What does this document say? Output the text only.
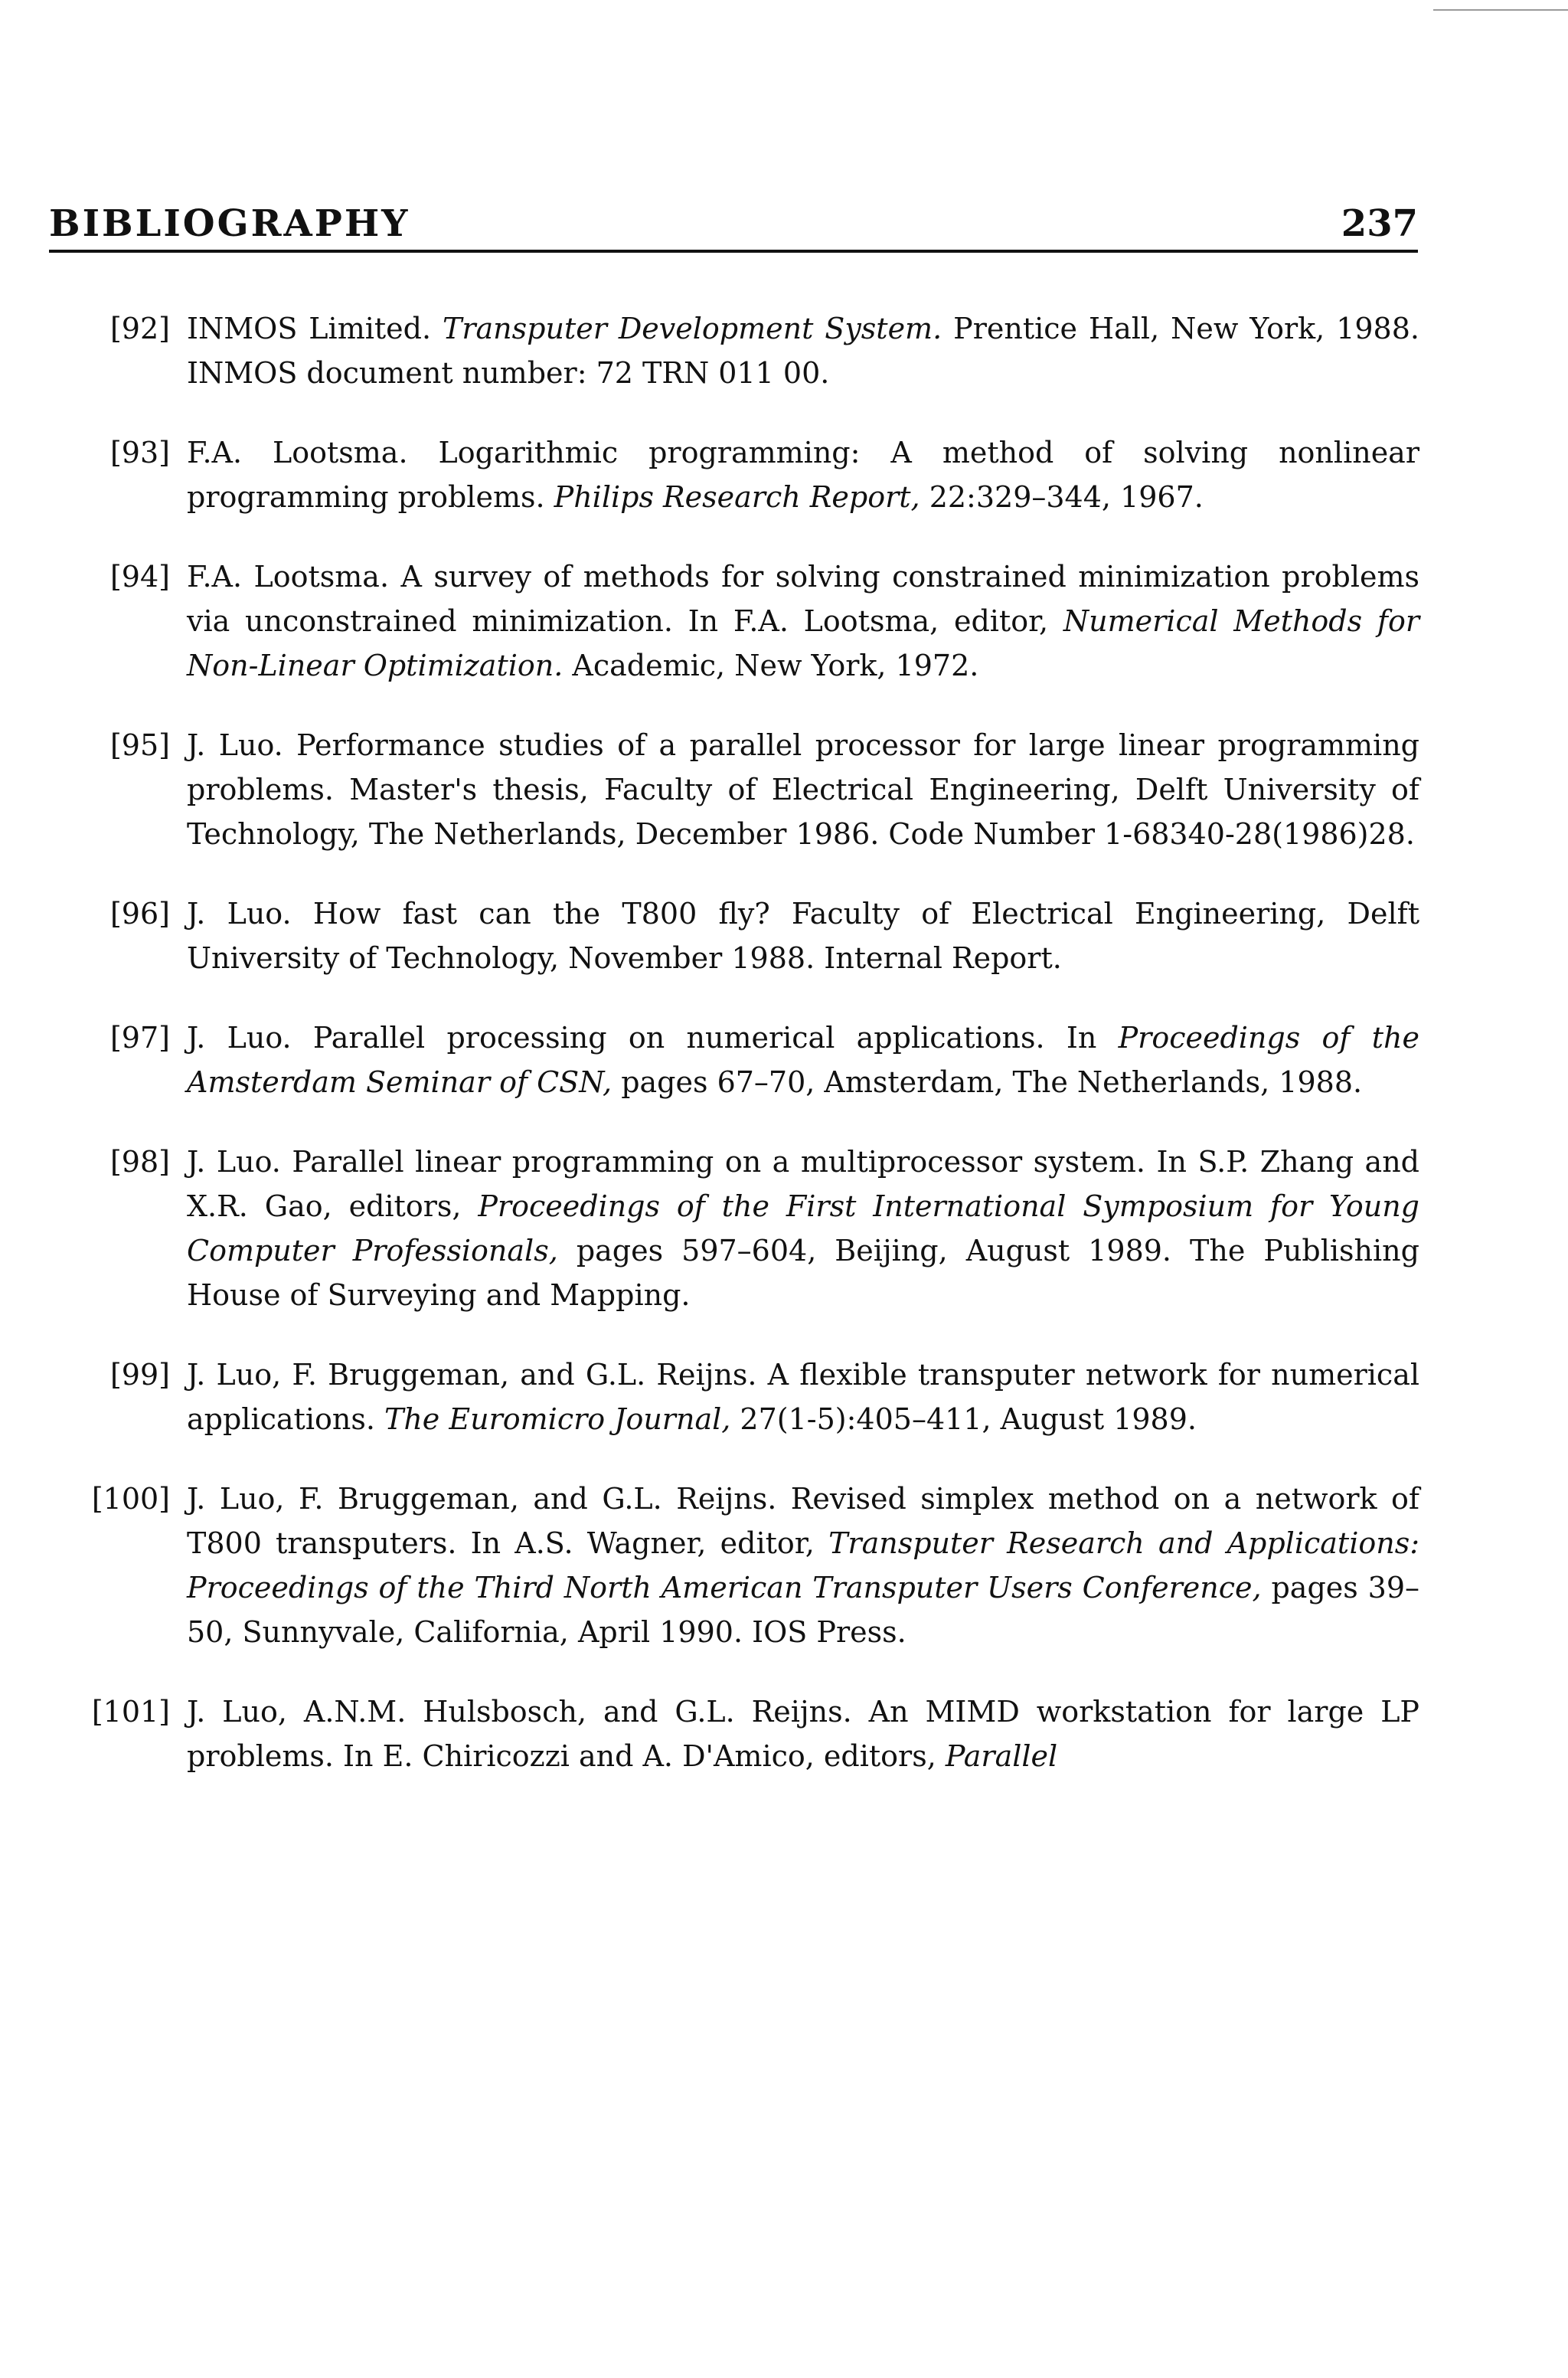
BIBLIOGRAPHY	237
[92] INMOS Limited. Transputer Development System. Prentice Hall, New York, 1988. INMOS document number: 72 TRN 011 00.
[93] F.A. Lootsma. Logarithmic programming: A method of solving nonlinear programming problems. Philips Research Report, 22:329–344, 1967.
[94] F.A. Lootsma. A survey of methods for solving constrained minimization problems via unconstrained minimization. In F.A. Lootsma, editor, Numerical Methods for Non-Linear Optimization. Academic, New York, 1972.
[95] J. Luo. Performance studies of a parallel processor for large linear programming problems. Master's thesis, Faculty of Electrical Engineering, Delft University of Technology, The Netherlands, December 1986. Code Number 1-68340-28(1986)28.
[96] J. Luo. How fast can the T800 fly? Faculty of Electrical Engineering, Delft University of Technology, November 1988. Internal Report.
[97] J. Luo. Parallel processing on numerical applications. In Proceedings of the Amsterdam Seminar of CSN, pages 67–70, Amsterdam, The Netherlands, 1988.
[98] J. Luo. Parallel linear programming on a multiprocessor system. In S.P. Zhang and X.R. Gao, editors, Proceedings of the First International Symposium for Young Computer Professionals, pages 597–604, Beijing, August 1989. The Publishing House of Surveying and Mapping.
[99] J. Luo, F. Bruggeman, and G.L. Reijns. A flexible transputer network for numerical applications. The Euromicro Journal, 27(1-5):405–411, August 1989.
[100] J. Luo, F. Bruggeman, and G.L. Reijns. Revised simplex method on a network of T800 transputers. In A.S. Wagner, editor, Transputer Research and Applications: Proceedings of the Third North American Transputer Users Conference, pages 39–50, Sunnyvale, California, April 1990. IOS Press.
[101] J. Luo, A.N.M. Hulsbosch, and G.L. Reijns. An MIMD workstation for large LP problems. In E. Chiricozzi and A. D'Amico, editors, Parallel
